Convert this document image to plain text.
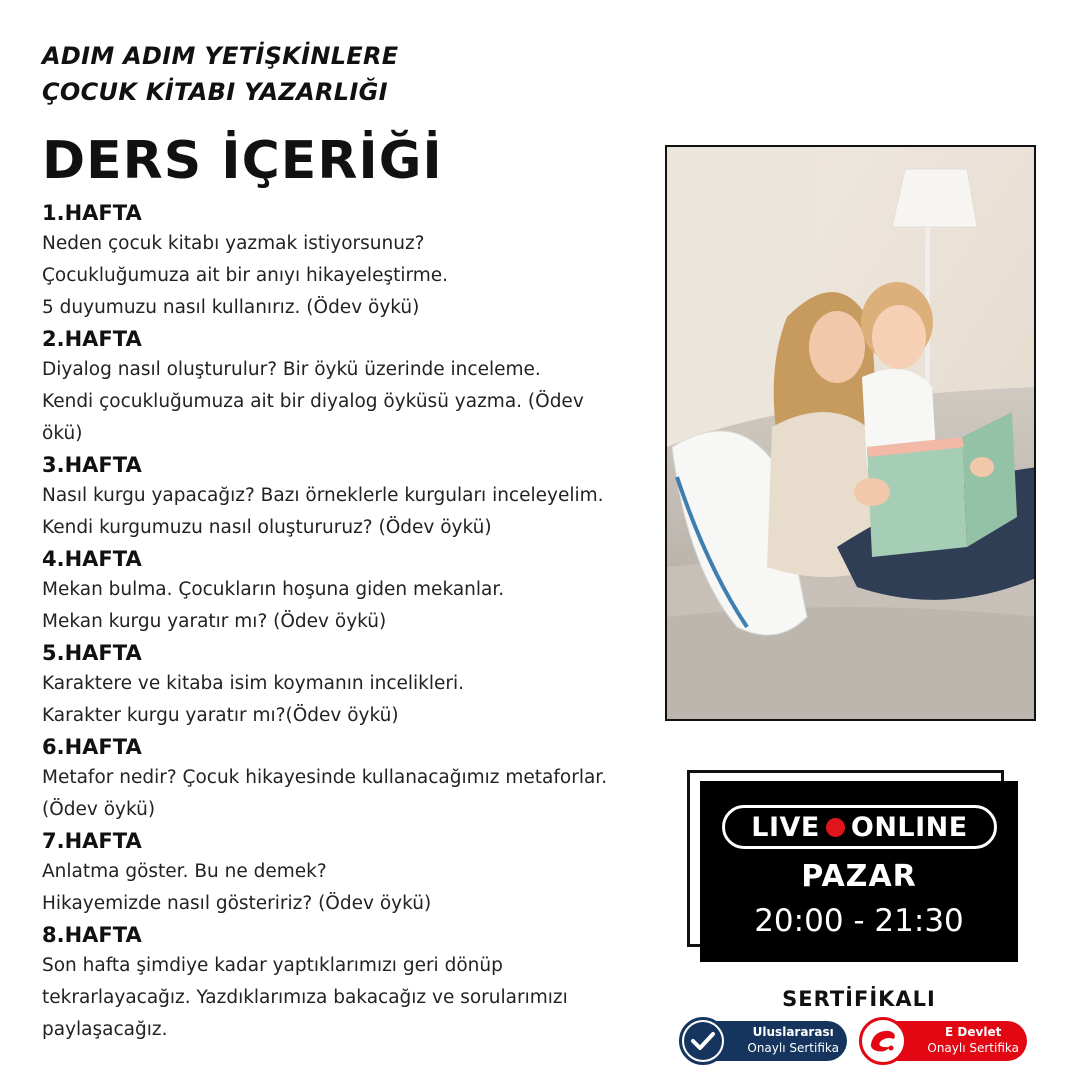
ADIM ADIM YETİŞKİNLERE
ÇOCUK KİTABI YAZARLIĞI
DERS İÇERİĞİ
1.HAFTA
Neden çocuk kitabı yazmak istiyorsunuz?
Çocukluğumuza ait bir anıyı hikayeleştirme.
5 duyumuzu nasıl kullanırız. (Ödev öykü)
2.HAFTA
Diyalog nasıl oluşturulur? Bir öykü üzerinde inceleme.
Kendi çocukluğumuza ait bir diyalog öyküsü yazma. (Ödev
ökü)
3.HAFTA
Nasıl kurgu yapacağız? Bazı örneklerle kurguları inceleyelim.
Kendi kurgumuzu nasıl oluştururuz? (Ödev öykü)
4.HAFTA
Mekan bulma. Çocukların hoşuna giden mekanlar.
Mekan kurgu yaratır mı? (Ödev öykü)
5.HAFTA
Karaktere ve kitaba isim koymanın incelikleri.
Karakter kurgu yaratır mı?(Ödev öykü)
6.HAFTA
Metafor nedir? Çocuk hikayesinde kullanacağımız metaforlar.
(Ödev öykü)
7.HAFTA
Anlatma göster. Bu ne demek?
Hikayemizde nasıl gösteririz? (Ödev öykü)
8.HAFTA
Son hafta şimdiye kadar yaptıklarımızı geri dönüp
tekrarlayacağız. Yazdıklarımıza bakacağız ve sorularımızı
paylaşacağız.
LIVE ONLINE
PAZAR
20:00 - 21:30
SERTİFİKALI
Uluslararası
Onaylı Sertifika
E Devlet
Onaylı Sertifika
